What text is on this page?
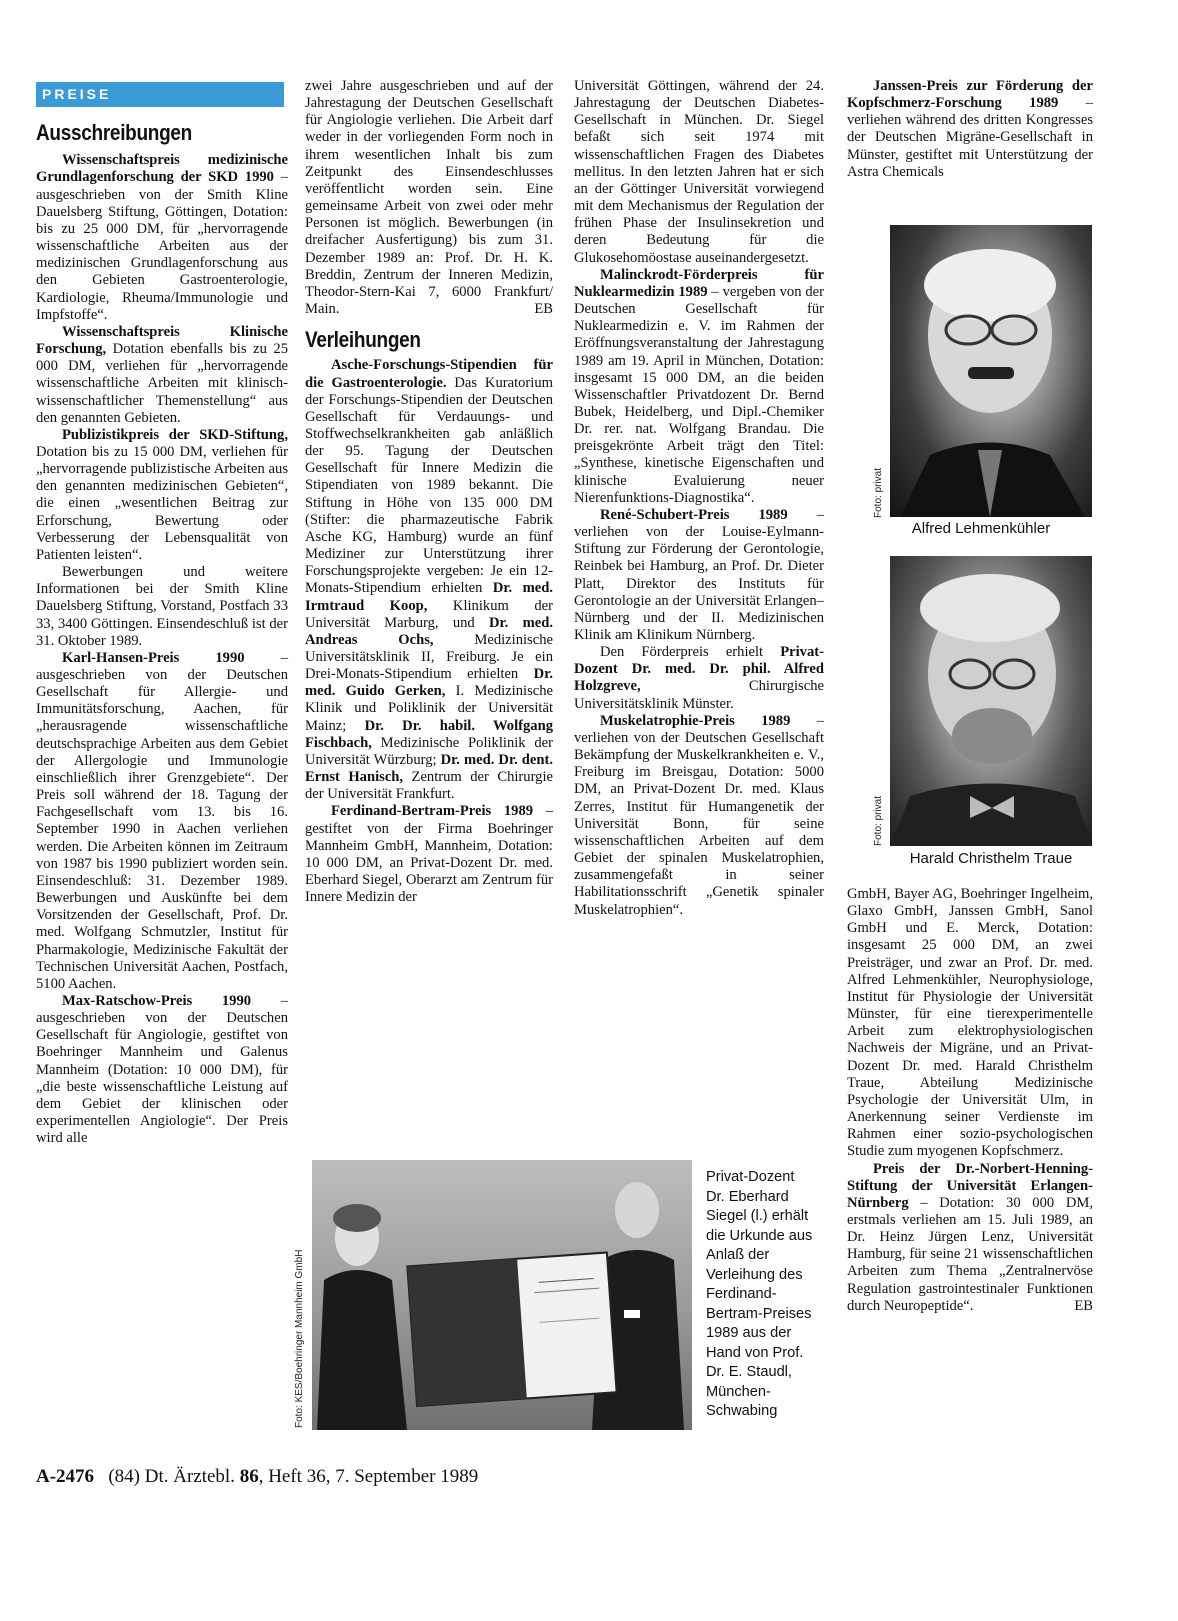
PREISE
Ausschreibungen

Wissenschaftspreis medizinische Grundlagenforschung der SKD 1990 – ausgeschrieben von der Smith Kline Dauelsberg Stiftung, Göttingen, Dotation: bis zu 25 000 DM, für „hervorragende wissenschaftliche Arbeiten aus der medizinischen Grundlagenforschung aus den Gebieten Gastroenterologie, Kardiologie, Rheuma/Immunologie und Impfstoffe“.

Wissenschaftspreis Klinische Forschung, Dotation ebenfalls bis zu 25 000 DM, verliehen für „hervorragende wissenschaftliche Arbeiten mit klinisch-wissenschaftlicher Themenstellung“ aus den genannten Gebieten.

Publizistikpreis der SKD-Stiftung, Dotation bis zu 15 000 DM, verliehen für „hervorragende publizistische Arbeiten aus den genannten medizinischen Gebieten“, die einen „wesentlichen Beitrag zur Erforschung, Bewertung oder Verbesserung der Lebensqualität von Patienten leisten“.

Bewerbungen und weitere Informationen bei der Smith Kline Dauelsberg Stiftung, Vorstand, Postfach 33 33, 3400 Göttingen. Einsendeschluß ist der 31. Oktober 1989.

Karl-Hansen-Preis 1990 – ausgeschrieben von der Deutschen Gesellschaft für Allergie- und Immunitätsforschung, Aachen, für „herausragende wissenschaftliche deutschsprachige Arbeiten aus dem Gebiet der Allergologie und Immunologie einschließlich ihrer Grenzgebiete“. Der Preis soll während der 18. Tagung der Fachgesellschaft vom 13. bis 16. September 1990 in Aachen verliehen werden. Die Arbeiten können im Zeitraum von 1987 bis 1990 publiziert worden sein. Einsendeschluß: 31. Dezember 1989. Bewerbungen und Auskünfte bei dem Vorsitzenden der Gesellschaft, Prof. Dr. med. Wolfgang Schmutzler, Institut für Pharmakologie, Medizinische Fakultät der Technischen Universität Aachen, Postfach, 5100 Aachen.

Max-Ratschow-Preis 1990 – ausgeschrieben von der Deutschen Gesellschaft für Angiologie, gestiftet von Boehringer Mannheim und Galenus Mannheim (Dotation: 10 000 DM), für „die beste wissenschaftliche Leistung auf dem Gebiet der klinischen oder experimentellen Angiologie“. Der Preis wird alle

zwei Jahre ausgeschrieben und auf der Jahrestagung der Deutschen Gesellschaft für Angiologie verliehen. Die Arbeit darf weder in der vorliegenden Form noch in ihrem wesentlichen Inhalt bis zum Zeitpunkt des Einsendeschlusses veröffentlicht worden sein. Eine gemeinsame Arbeit von zwei oder mehr Personen ist möglich. Bewerbungen (in dreifacher Ausfertigung) bis zum 31. Dezember 1989 an: Prof. Dr. H. K. Breddin, Zentrum der Inneren Medizin, Theodor-Stern-Kai 7, 6000 Frankfurt/ Main.	EB

Verleihungen

Asche-Forschungs-Stipendien für die Gastroenterologie. Das Kuratorium der Forschungs-Stipendien der Deutschen Gesellschaft für Verdauungs- und Stoffwechselkrankheiten gab anläßlich der 95. Tagung der Deutschen Gesellschaft für Innere Medizin die Stipendiaten von 1989 bekannt. Die Stiftung in Höhe von 135 000 DM (Stifter: die pharmazeutische Fabrik Asche KG, Hamburg) wurde an fünf Mediziner zur Unterstützung ihrer Forschungsprojekte vergeben: Je ein 12-Monats-Stipendium erhielten Dr. med. Irmtraud Koop, Klinikum der Universität Marburg, und Dr. med. Andreas Ochs, Medizinische Universitätsklinik II, Freiburg. Je ein Drei-Monats-Stipendium erhielten Dr. med. Guido Gerken, I. Medizinische Klinik und Poliklinik der Universität Mainz; Dr. Dr. habil. Wolfgang Fischbach, Medizinische Poliklinik der Universität Würzburg; Dr. med. Dr. dent. Ernst Hanisch, Zentrum der Chirurgie der Universität Frankfurt.

Ferdinand-Bertram-Preis 1989 – gestiftet von der Firma Boehringer Mannheim GmbH, Mannheim, Dotation: 10 000 DM, an Privat-Dozent Dr. med. Eberhard Siegel, Oberarzt am Zentrum für Innere Medizin der

Universität Göttingen, während der 24. Jahrestagung der Deutschen Diabetes-Gesellschaft in München. Dr. Siegel befaßt sich seit 1974 mit wissenschaftlichen Fragen des Diabetes mellitus. In den letzten Jahren hat er sich an der Göttinger Universität vorwiegend mit dem Mechanismus der Regulation der frühen Phase der Insulinsekretion und deren Bedeutung für die Glukosehomöostase auseinandergesetzt.

Malinckrodt-Förderpreis für Nuklearmedizin 1989 – vergeben von der Deutschen Gesellschaft für Nuklearmedizin e. V. im Rahmen der Eröffnungsveranstaltung der Jahrestagung 1989 am 19. April in München, Dotation: insgesamt 15 000 DM, an die beiden Wissenschaftler Privatdozent Dr. Bernd Bubek, Heidelberg, und Dipl.-Chemiker Dr. rer. nat. Wolfgang Brandau. Die preisgekrönte Arbeit trägt den Titel: „Synthese, kinetische Eigenschaften und klinische Evaluierung neuer Nierenfunktions-Diagnostika“.

René-Schubert-Preis 1989 – verliehen von der Louise-Eylmann-Stiftung zur Förderung der Gerontologie, Reinbek bei Hamburg, an Prof. Dr. Dieter Platt, Direktor des Instituts für Gerontologie an der Universität Erlangen–Nürnberg und der II. Medizinischen Klinik am Klinikum Nürnberg.

Den Förderpreis erhielt Privat-Dozent Dr. med. Dr. phil. Alfred Holzgreve, Chirurgische Universitätsklinik Münster.

Muskelatrophie-Preis 1989 – verliehen von der Deutschen Gesellschaft Bekämpfung der Muskelkrankheiten e. V., Freiburg im Breisgau, Dotation: 5000 DM, an Privat-Dozent Dr. med. Klaus Zerres, Institut für Humangenetik der Universität Bonn, für seine wissenschaftlichen Arbeiten auf dem Gebiet der spinalen Muskelatrophien, zusammengefaßt in seiner Habilitationsschrift „Genetik spinaler Muskelatrophien“.

Janssen-Preis zur Förderung der Kopfschmerz-Forschung 1989 – verliehen während des dritten Kongresses der Deutschen Migräne-Gesellschaft in Münster, gestiftet mit Unterstützung der Astra Chemicals

Foto: privat
Alfred Lehmenkühler
Foto: privat
Harald Christhelm Traue

GmbH, Bayer AG, Boehringer Ingelheim, Glaxo GmbH, Janssen GmbH, Sanol GmbH und E. Merck, Dotation: insgesamt 25 000 DM, an zwei Preisträger, und zwar an Prof. Dr. med. Alfred Lehmenkühler, Neurophysiologe, Institut für Physiologie der Universität Münster, für eine tierexperimentelle Arbeit zum elektrophysiologischen Nachweis der Migräne, und an Privat-Dozent Dr. med. Harald Christhelm Traue, Abteilung Medizinische Psychologie der Universität Ulm, in Anerkennung seiner Verdienste im Rahmen einer sozio-psychologischen Studie zum myogenen Kopfschmerz.

Preis der Dr.-Norbert-Henning-Stiftung der Universität Erlangen-Nürnberg – Dotation: 30 000 DM, erstmals verliehen am 15. Juli 1989, an Dr. Heinz Jürgen Lenz, Universität Hamburg, für seine 21 wissenschaftlichen Arbeiten zum Thema „Zentralnervöse Regulation gastrointestinaler Funktionen durch Neuropeptide“.	EB

Foto: KES/Boehringer Mannheim GmbH
Privat-Dozent Dr. Eberhard Siegel (l.) erhält die Urkunde aus Anlaß der Verleihung des Ferdinand-Bertram-Preises 1989 aus der Hand von Prof. Dr. E. Staudl, München-Schwabing
A-2476 (84) Dt. Ärztebl. 86, Heft 36, 7. September 1989
